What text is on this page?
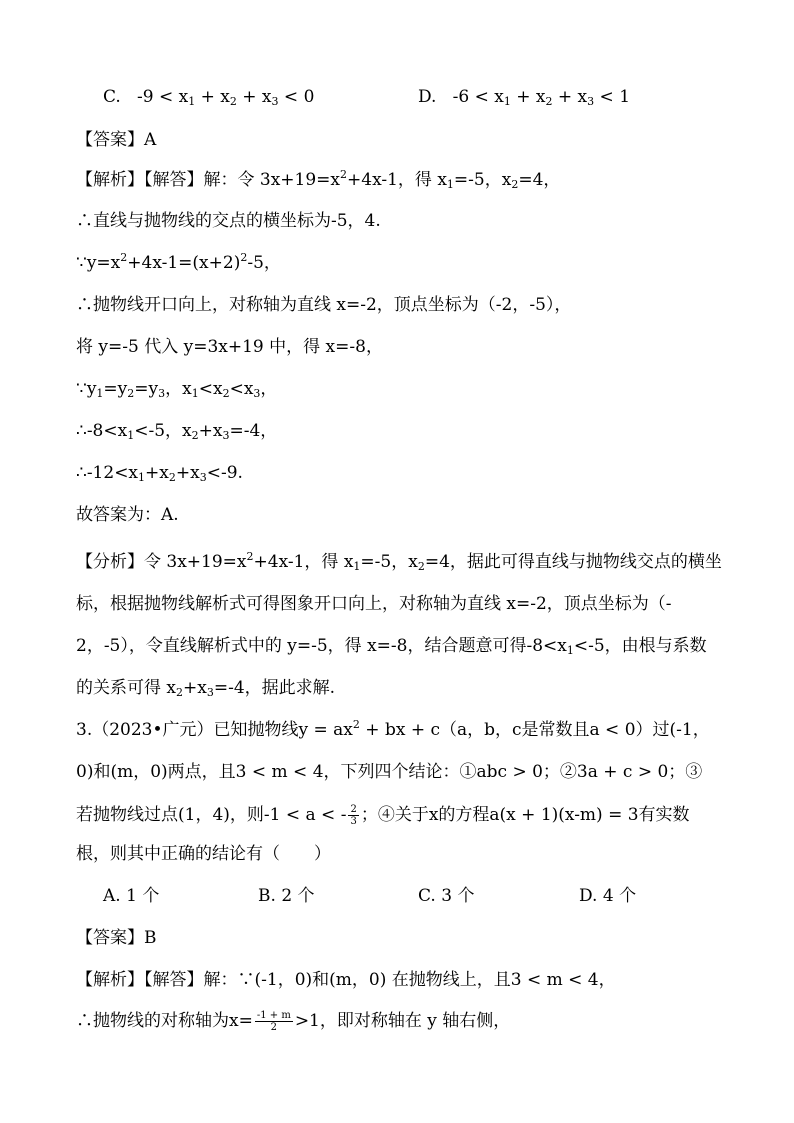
C.   $-9 < x_1 + x_2 + x_3 < 0$	D.   $-6 < x_1 + x_2 + x_3 < 1$
【答案】A
【解析】【解答】解：令 $3x+19=x^2+4x-1$，得 $x_1=-5$，$x_2=4$，
∴直线与抛物线的交点的横坐标为-5，4.
$\because y=x^2+4x-1=(x+2)^2-5$，
∴抛物线开口向上，对称轴为直线 x=-2，顶点坐标为（-2，-5），
将 y=-5 代入 y=3x+19 中，得 x=-8，
$\because y_1=y_2=y_3$，$x_1<x_2<x_3$，
$\therefore-8<x_1<-5$，$x_2+x_3=-4$，
$\therefore-12<x_1+x_2+x_3<-9$.
故答案为：A.
【分析】令 $3x+19=x^2+4x-1$，得 $x_1=-5$，$x_2=4$，据此可得直线与抛物线交点的横坐
标，根据抛物线解析式可得图象开口向上，对称轴为直线 x=-2，顶点坐标为（-
2，-5），令直线解析式中的 y=-5，得 x=-8，结合题意可得$-8<x_1<-5$，由根与系数
的关系可得 $x_2+x_3=-4$，据此求解.
3.（2023•广元）已知抛物线$y = ax^2$ + bx + c（a，b，c是常数且a < 0）过(-1，
0)和(m，0)两点，且3 < m < 4，下列四个结论：①abc > 0；②3a + c > 0；③
若抛物线过点(1，4)，则-1 < a < - $\frac{2}{3}$ ；④关于x的方程a(x + 1)(x-m) = 3有实数
根，则其中正确的结论有（　　）
A. 1 个	B. 2 个	C. 3 个	D. 4 个
【答案】B
【解析】【解答】解：∵(-1，0)和(m，0) 在抛物线上，且3 < m < 4，
∴抛物线的对称轴为$x= \frac{-1 + m}{2} >1$，即对称轴在 y 轴右侧，
